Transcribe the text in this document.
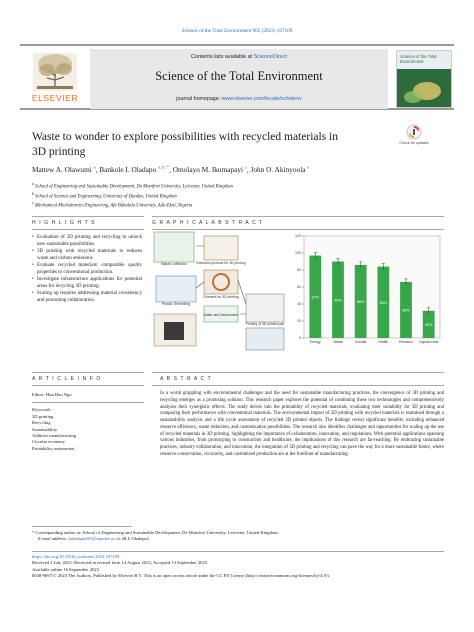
Science of the Total Environment 905 (2023) 167109
ELSEVIER
Contents lists available at ScienceDirect
Science of the Total Environment
journal homepage: www.elsevier.com/locate/scitotenv
Science of the Total Environment
Waste to wonder to explore possibilities with recycled materials in
3D printing
Check for updates
Mattew A. Olawumi $^a$, Bankole I. Oladapo $^{a, b, *}$, Omolayo M. Ikumapayi $^c$, John O. Akinyoola $^a$
$^a$ School of Engineering and Sustainable Development, De Montfort University, Leicester, United Kingdom
$^b$ School of Science and Engineering, University of Dundee, United Kingdom
$^c$ Mechanical Mechatronics Engineering, Afe Babalola University, Ado-Ekiti, Nigeria
H I G H L I G H T S
• Evaluation of 3D printing and recycling to unlock new sustainable possibilities.
• 3D printing with recycled materials to reduces waste and carbon emissions
• Evaluate recycled materials' comparable quality properties to conventional production.
• Investigate infrastructure applications for potential areas for recycling 3D printing.
• Scaling up requires addressing material consistency and promoting collaboration.
G R A P H I C A L A B S T R A C T
Waste collection
Plastic Shredding
Extrusion process for 3D printing
Filament for 3D printing
Water and Detachment
Printing of 3D printed part
0
20
40
60
80
100
120
97%
Energy
90%
Waste
86%
Circular
84%
Health
66%
Emission
32%
Capital costs
A R T I C L E I N F O
Editor: Huu Hao Ngo
Keywords:
3D printing
Recycling
Sustainability
Additive manufacturing
Circular economy
Printability assessment
A B S T R A C T
In a world grappling with environmental challenges and the need for sustainable manufacturing practices, the convergence of 3D printing and recycling emerges as a promising solution. This research paper explores the potential of combining these two technologies and comprehensively analyzes their synergistic effects. The study delves into the printability of recycled materials, evaluating their suitability for 3D printing and comparing their performance with conventional materials. The environmental impact of 3D printing with recycled materials is examined through a sustainability analysis and a life cycle assessment of recycled 3D printed objects. The findings reveal significant benefits, including enhanced resource efficiency, waste reduction, and customization possibilities. The research also identifies challenges and opportunities for scaling up the use of recycled materials in 3D printing, highlighting the importance of collaboration, innovation, and regulations. With potential applications spanning various industries, from prototyping to construction and healthcare, the implications of this research are far-reaching. By embracing sustainable practices, industry collaboration, and innovation, the integration of 3D printing and recycling can pave the way for a more sustainable future, where resource conservation, circularity, and customized production are at the forefront of manufacturing.
* Corresponding author at: School of Engineering and Sustainable Development, De Montfort University, Leicester, United Kingdom.
E-mail address: boladapo001@dundee.ac.uk (B.I. Oladapo).
https://doi.org/10.1016/j.scitotenv.2023.167109
Received 2 July 2023; Received in revised form 14 August 2023; Accepted 13 September 2023
Available online 16 September 2023
0048-9697/© 2023 The Authors. Published by Elsevier B.V. This is an open access article under the CC BY license (http://creativecommons.org/licenses/by/4.0/).
